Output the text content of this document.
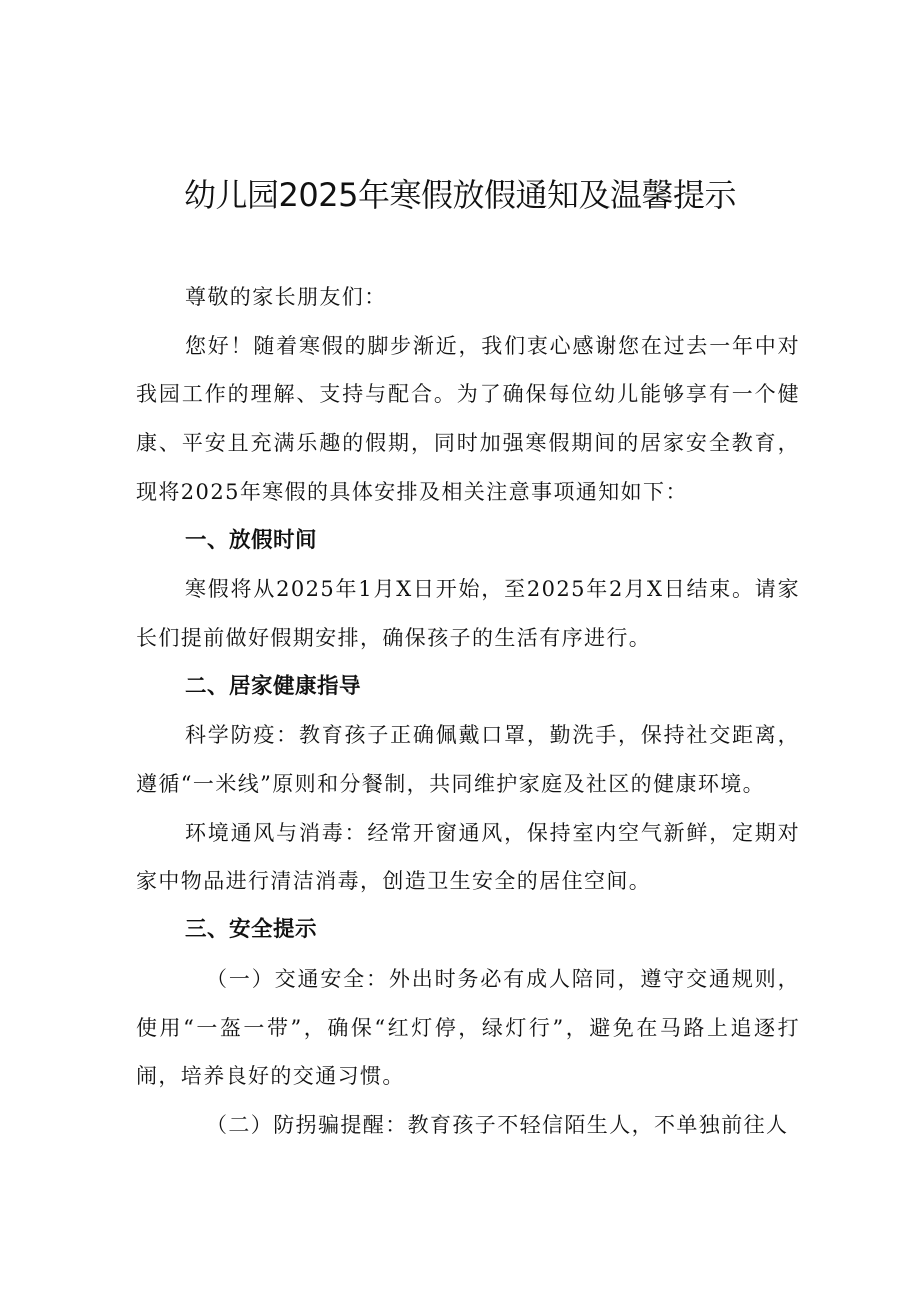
幼儿园2025年寒假放假通知及温馨提示

尊敬的家长朋友们：

您好！随着寒假的脚步渐近，我们衷心感谢您在过去一年中对我园工作的理解、支持与配合。为了确保每位幼儿能够享有一个健康、平安且充满乐趣的假期，同时加强寒假期间的居家安全教育，现将2025年寒假的具体安排及相关注意事项通知如下：

一、放假时间

寒假将从2025年1月X日开始，至2025年2月X日结束。请家长们提前做好假期安排，确保孩子的生活有序进行。

二、居家健康指导

科学防疫：教育孩子正确佩戴口罩，勤洗手，保持社交距离，遵循“一米线”原则和分餐制，共同维护家庭及社区的健康环境。

环境通风与消毒：经常开窗通风，保持室内空气新鲜，定期对家中物品进行清洁消毒，创造卫生安全的居住空间。

三、安全提示

（一）交通安全：外出时务必有成人陪同，遵守交通规则，使用“一盔一带”，确保“红灯停，绿灯行”，避免在马路上追逐打闹，培养良好的交通习惯。

（二）防拐骗提醒：教育孩子不轻信陌生人，不单独前往人
